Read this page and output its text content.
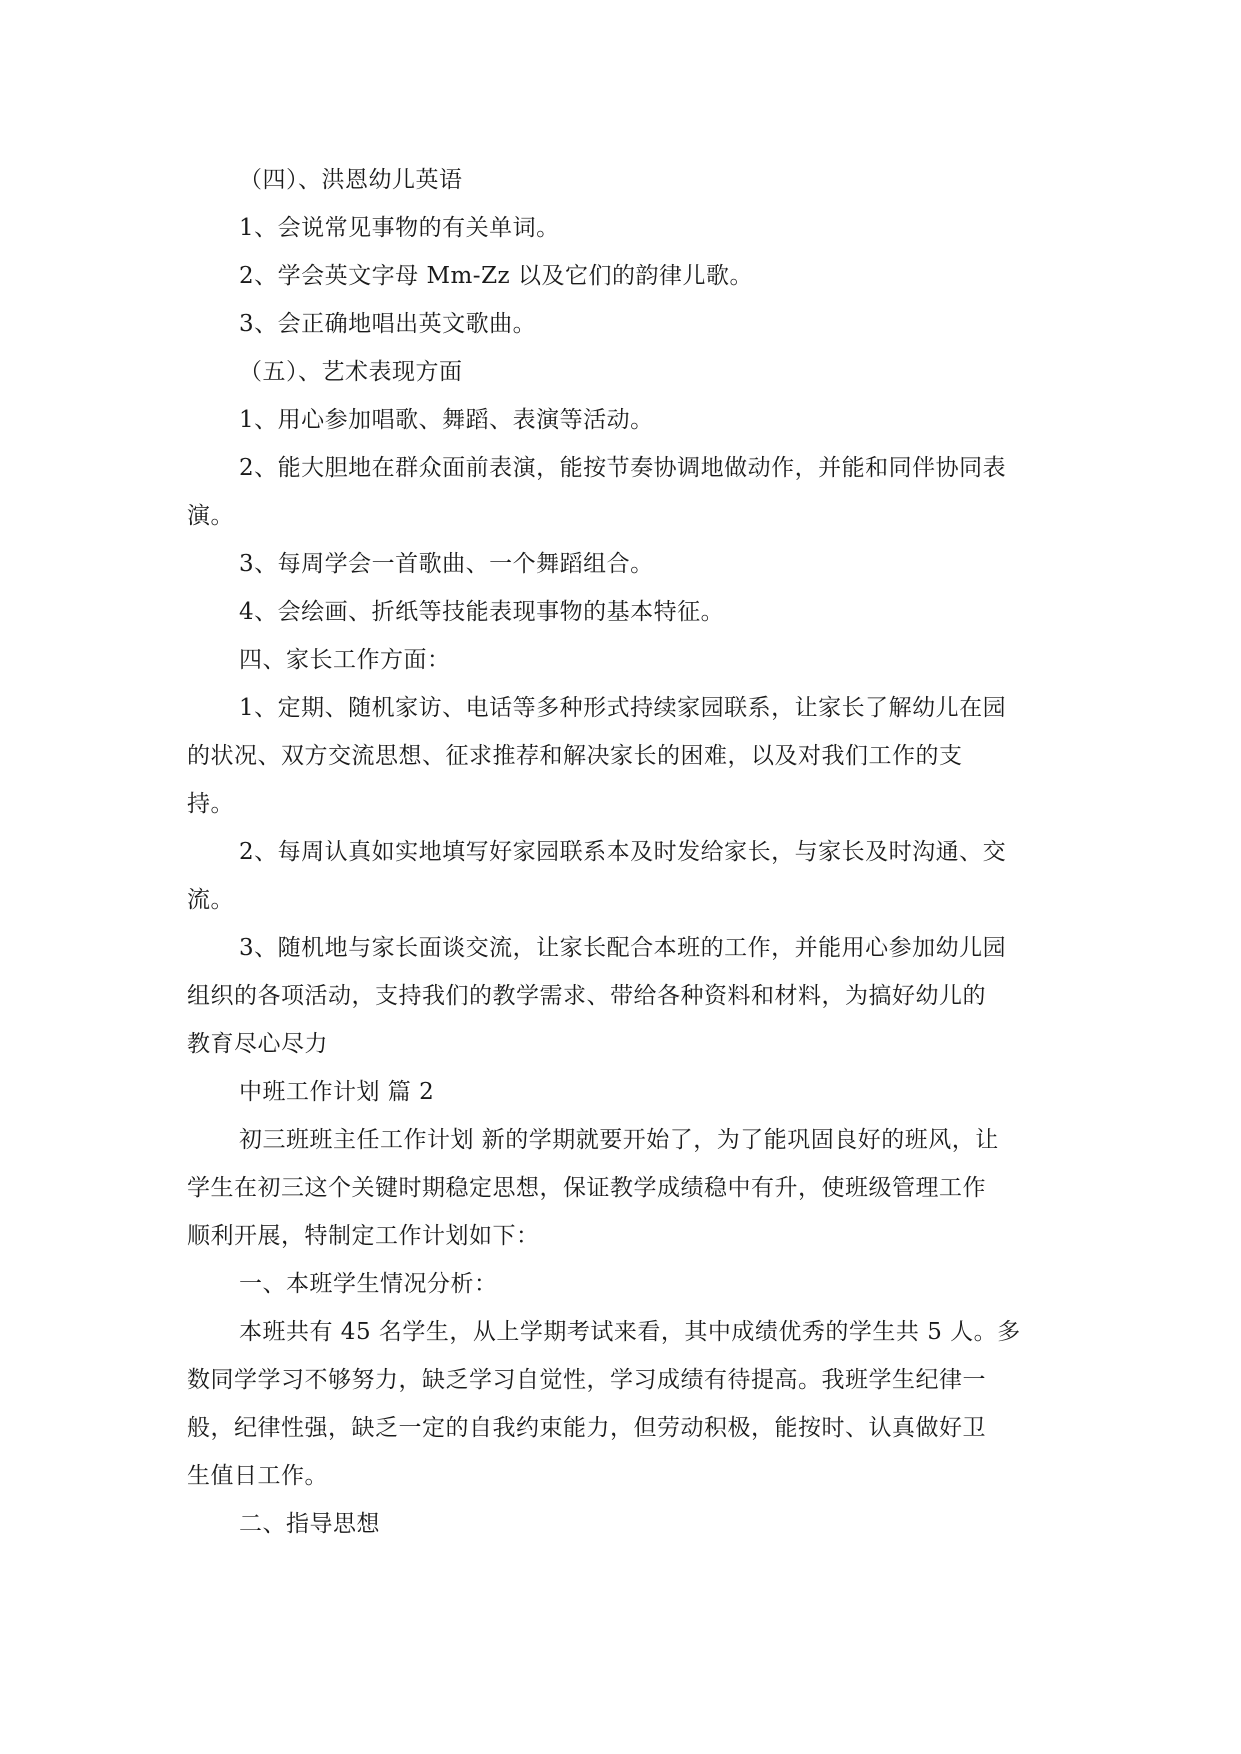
（四）、洪恩幼儿英语

1、会说常见事物的有关单词。

2、学会英文字母 Mm-Zz 以及它们的韵律儿歌。

3、会正确地唱出英文歌曲。

（五）、艺术表现方面

1、用心参加唱歌、舞蹈、表演等活动。

2、能大胆地在群众面前表演，能按节奏协调地做动作，并能和同伴协同表
演。

3、每周学会一首歌曲、一个舞蹈组合。

4、会绘画、折纸等技能表现事物的基本特征。

四、家长工作方面：

1、定期、随机家访、电话等多种形式持续家园联系，让家长了解幼儿在园
的状况、双方交流思想、征求推荐和解决家长的困难，以及对我们工作的支
持。

2、每周认真如实地填写好家园联系本及时发给家长，与家长及时沟通、交
流。

3、随机地与家长面谈交流，让家长配合本班的工作，并能用心参加幼儿园
组织的各项活动，支持我们的教学需求、带给各种资料和材料，为搞好幼儿的
教育尽心尽力

中班工作计划 篇 2

初三班班主任工作计划 新的学期就要开始了，为了能巩固良好的班风，让
学生在初三这个关键时期稳定思想，保证教学成绩稳中有升，使班级管理工作
顺利开展，特制定工作计划如下：

一、本班学生情况分析：

本班共有 45 名学生，从上学期考试来看，其中成绩优秀的学生共 5 人。多
数同学学习不够努力，缺乏学习自觉性，学习成绩有待提高。我班学生纪律一
般，纪律性强，缺乏一定的自我约束能力，但劳动积极，能按时、认真做好卫
生值日工作。

二、指导思想
